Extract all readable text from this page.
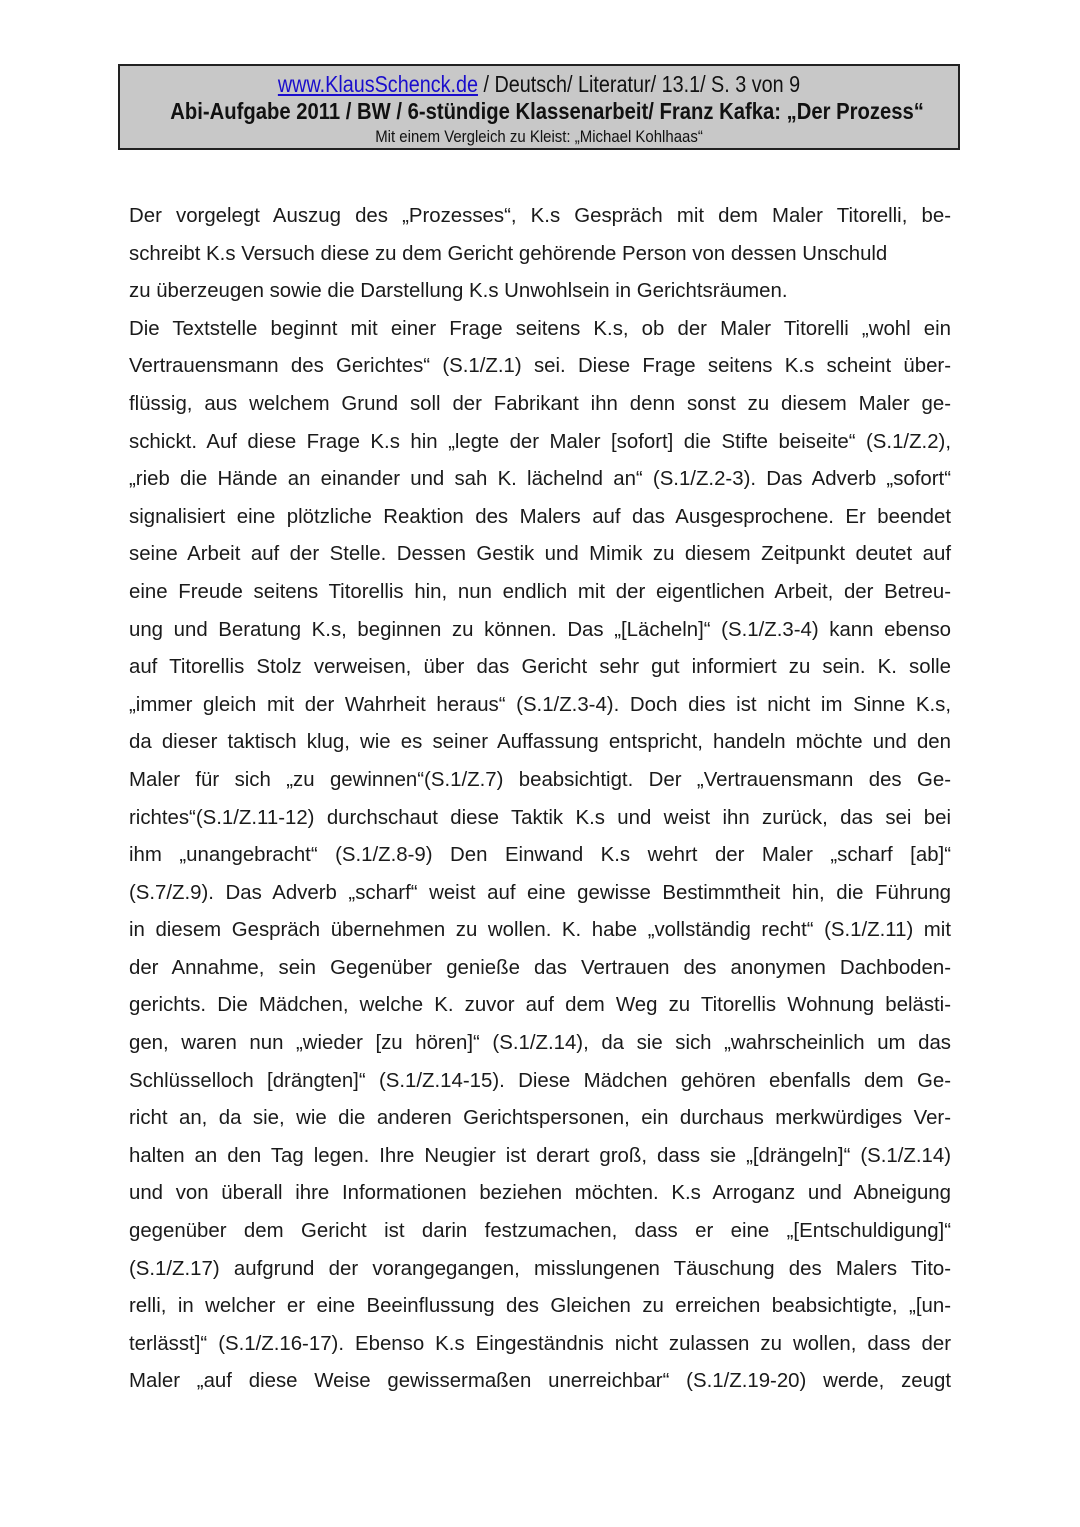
www.KlausSchenck.de / Deutsch/ Literatur/ 13.1/ S. 3 von 9
Abi-Aufgabe 2011 / BW / 6-stündige Klassenarbeit/ Franz Kafka: „Der Prozess“
Mit einem Vergleich zu Kleist: „Michael Kohlhaas“
Der vorgelegt Auszug des „Prozesses“, K.s Gespräch mit dem Maler Titorelli, be-
schreibt K.s Versuch diese zu dem Gericht gehörende Person von dessen Unschuld
zu überzeugen sowie die Darstellung K.s Unwohlsein in Gerichtsräumen.
Die Textstelle beginnt mit einer Frage seitens K.s, ob der Maler Titorelli „wohl ein
Vertrauensmann des Gerichtes“ (S.1/Z.1) sei. Diese Frage seitens K.s scheint über-
flüssig, aus welchem Grund soll der Fabrikant ihn denn sonst zu diesem Maler ge-
schickt. Auf diese Frage K.s hin „legte der Maler [sofort] die Stifte beiseite“ (S.1/Z.2),
„rieb die Hände an einander und sah K. lächelnd an“ (S.1/Z.2-3). Das Adverb „sofort“
signalisiert eine plötzliche Reaktion des Malers auf das Ausgesprochene. Er beendet
seine Arbeit auf der Stelle. Dessen Gestik und Mimik zu diesem Zeitpunkt deutet auf
eine Freude seitens Titorellis hin, nun endlich mit der eigentlichen Arbeit, der Betreu-
ung und Beratung K.s, beginnen zu können. Das „[Lächeln]“ (S.1/Z.3-4) kann ebenso
auf Titorellis Stolz verweisen, über das Gericht sehr gut informiert zu sein. K. solle
„immer gleich mit der Wahrheit heraus“ (S.1/Z.3-4). Doch dies ist nicht im Sinne K.s,
da dieser taktisch klug, wie es seiner Auffassung entspricht, handeln möchte und den
Maler für sich „zu gewinnen“(S.1/Z.7) beabsichtigt. Der „Vertrauensmann des Ge-
richtes“(S.1/Z.11-12) durchschaut diese Taktik K.s und weist ihn zurück, das sei bei
ihm „unangebracht“ (S.1/Z.8-9) Den Einwand K.s wehrt der Maler „scharf [ab]“
(S.7/Z.9). Das Adverb „scharf“ weist auf eine gewisse Bestimmtheit hin, die Führung
in diesem Gespräch übernehmen zu wollen. K. habe „vollständig recht“ (S.1/Z.11) mit
der Annahme, sein Gegenüber genieße das Vertrauen des anonymen Dachboden-
gerichts. Die Mädchen, welche K. zuvor auf dem Weg zu Titorellis Wohnung belästi-
gen, waren nun „wieder [zu hören]“ (S.1/Z.14), da sie sich „wahrscheinlich um das
Schlüsselloch [drängten]“ (S.1/Z.14-15). Diese Mädchen gehören ebenfalls dem Ge-
richt an, da sie, wie die anderen Gerichtspersonen, ein durchaus merkwürdiges Ver-
halten an den Tag legen. Ihre Neugier ist derart groß, dass sie „[drängeln]“ (S.1/Z.14)
und von überall ihre Informationen beziehen möchten. K.s Arroganz und Abneigung
gegenüber dem Gericht ist darin festzumachen, dass er eine „[Entschuldigung]“
(S.1/Z.17) aufgrund der vorangegangen, misslungenen Täuschung des Malers Tito-
relli, in welcher er eine Beeinflussung des Gleichen zu erreichen beabsichtigte, „[un-
terlässt]“ (S.1/Z.16-17). Ebenso K.s Eingeständnis nicht zulassen zu wollen, dass der
Maler „auf diese Weise gewissermaßen unerreichbar“ (S.1/Z.19-20) werde, zeugt
